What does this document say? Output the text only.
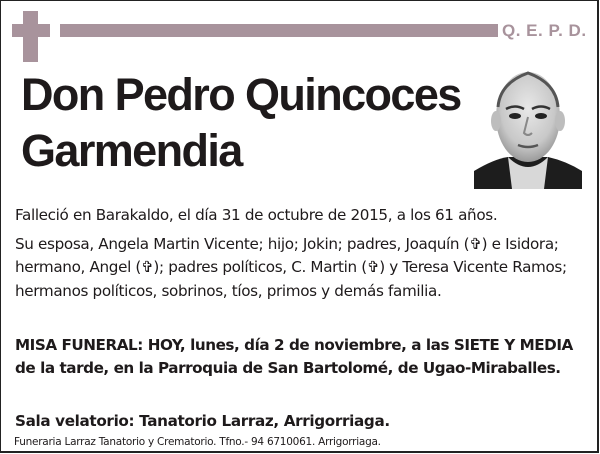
Q. E. P. D.
Don Pedro Quincoces
Garmendia

Falleció en Barakaldo, el día 31 de octubre de 2015, a los 61 años.

Su esposa, Angela Martin Vicente; hijo; Jokin; padres, Joaquín (✞) e Isidora; hermano, Angel (✞); padres políticos, C. Martin (✞) y Teresa Vicente Ramos; hermanos políticos, sobrinos, tíos, primos y demás familia.

MISA FUNERAL: HOY, lunes, día 2 de noviembre, a las SIETE Y MEDIA de la tarde, en la Parroquia de San Bartolomé, de Ugao-Miraballes.
Sala velatorio: Tanatorio Larraz, Arrigorriaga.
Funeraria Larraz Tanatorio y Crematorio. Tfno.- 94 6710061. Arrigorriaga.
